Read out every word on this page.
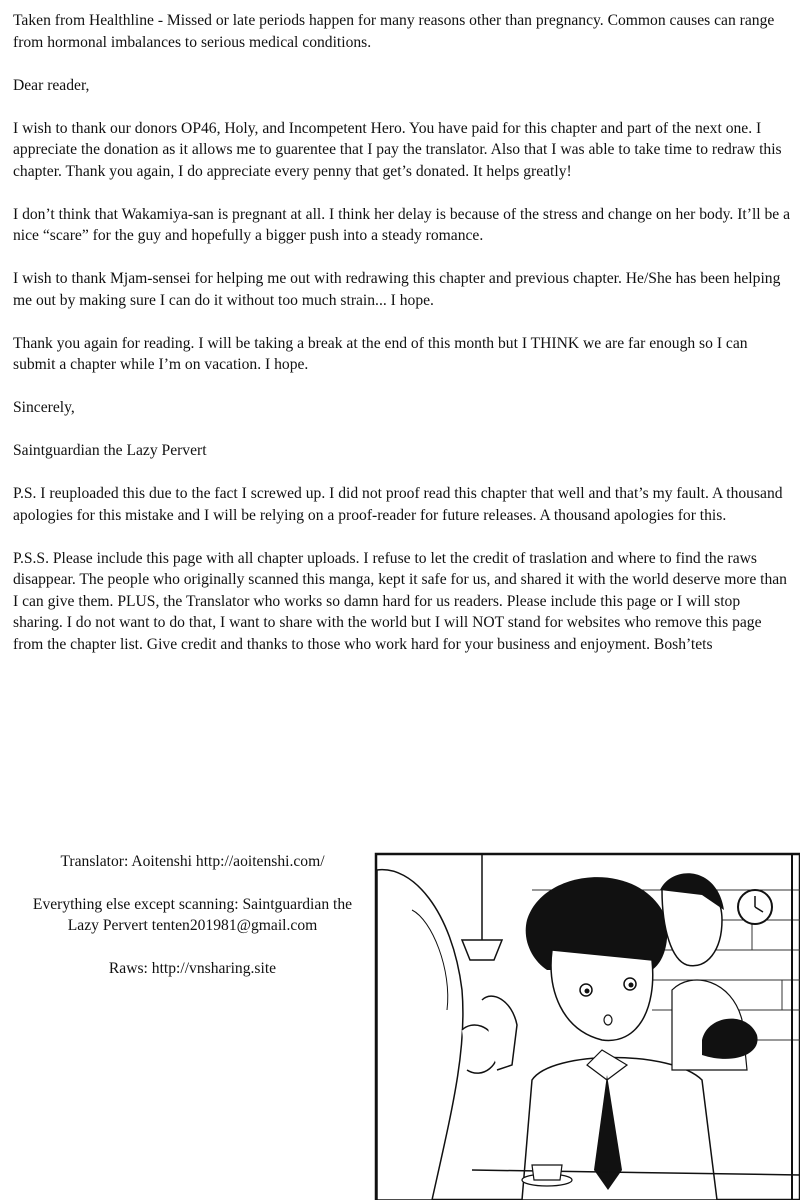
Taken from Healthline - Missed or late periods happen for many reasons other than pregnancy. Common causes can range from hormonal imbalances to serious medical conditions.

Dear reader,

I wish to thank our donors OP46, Holy, and Incompetent Hero. You have paid for this chapter and part of the next one. I appreciate the donation as it allows me to guarentee that I pay the translator. Also that I was able to take time to redraw this chapter. Thank you again, I do appreciate every penny that get’s donated. It helps greatly!

I don’t think that Wakamiya-san is pregnant at all. I think her delay is because of the stress and change on her body. It’ll be a nice “scare” for the guy and hopefully a bigger push into a steady romance.

I wish to thank Mjam-sensei for helping me out with redrawing this chapter and previous chapter. He/She has been helping me out by making sure I can do it without too much strain... I hope.

Thank you again for reading. I will be taking a break at the end of this month but I THINK we are far enough so I can submit a chapter while I’m on vacation. I hope.

Sincerely,

Saintguardian the Lazy Pervert

P.S. I reuploaded this due to the fact I screwed up. I did not proof read this chapter that well and that’s my fault. A thousand apologies for this mistake and I will be relying on a proof-reader for future releases. A thousand apologies for this.

P.S.S. Please include this page with all chapter uploads. I refuse to let the credit of traslation and where to find the raws disappear. The people who originally scanned this manga, kept it safe for us, and shared it with the world deserve more than I can give them. PLUS, the Translator who works so damn hard for us readers. Please include this page or I will stop sharing. I do not want to do that, I want to share with the world but I will NOT stand for websites who remove this page from the chapter list. Give credit and thanks to those who work hard for your business and enjoyment. Bosh’tets

Translator: Aoitenshi http://aoitenshi.com/

Everything else except scanning: Saintguardian the Lazy Pervert tenten201981@gmail.com

Raws: http://vnsharing.site
